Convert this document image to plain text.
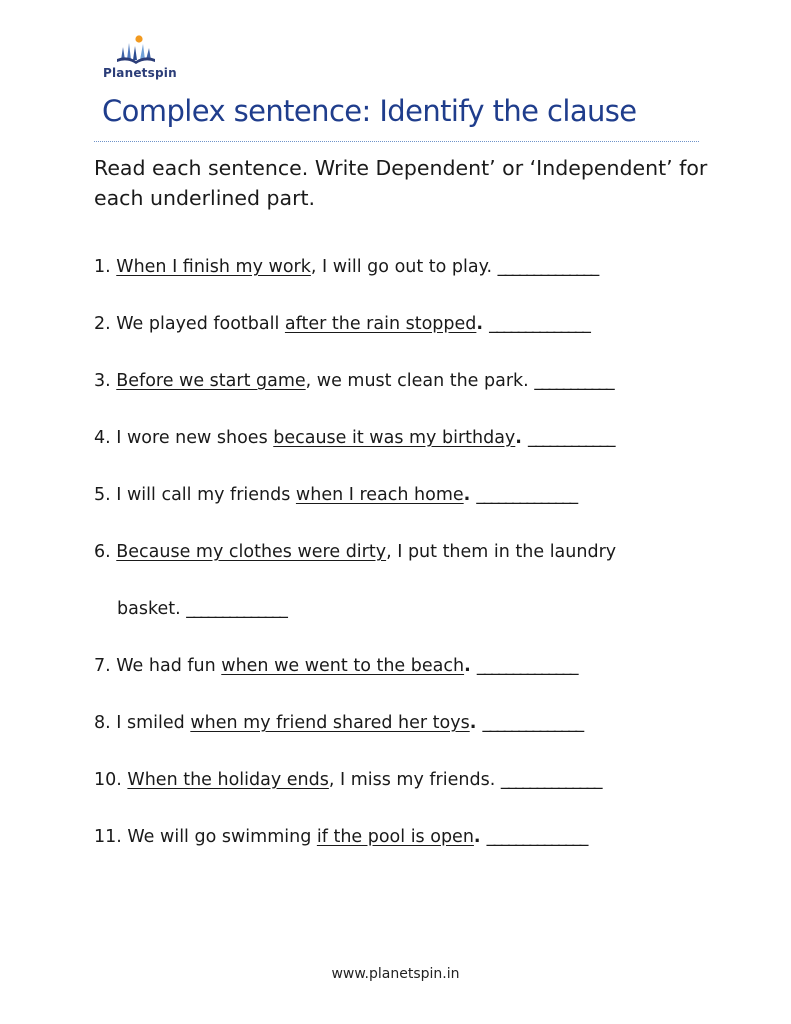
Planetspin
Complex sentence: Identify the clause

Read each sentence. Write Dependent’ or ‘Independent’ for each underlined part.

1. When I finish my work, I will go out to play. ______________
2. We played football after the rain stopped. ______________
3. Before we start game, we must clean the park. ___________
4. I wore new shoes because it was my birthday. ____________
5. I will call my friends when I reach home. ______________
6. Because my clothes were dirty, I put them in the laundry
basket. ______________
7. We had fun when we went to the beach. ______________
8. I smiled when my friend shared her toys. ______________
10. When the holiday ends, I miss my friends. ______________
11. We will go swimming if the pool is open. ______________
www.planetspin.in
